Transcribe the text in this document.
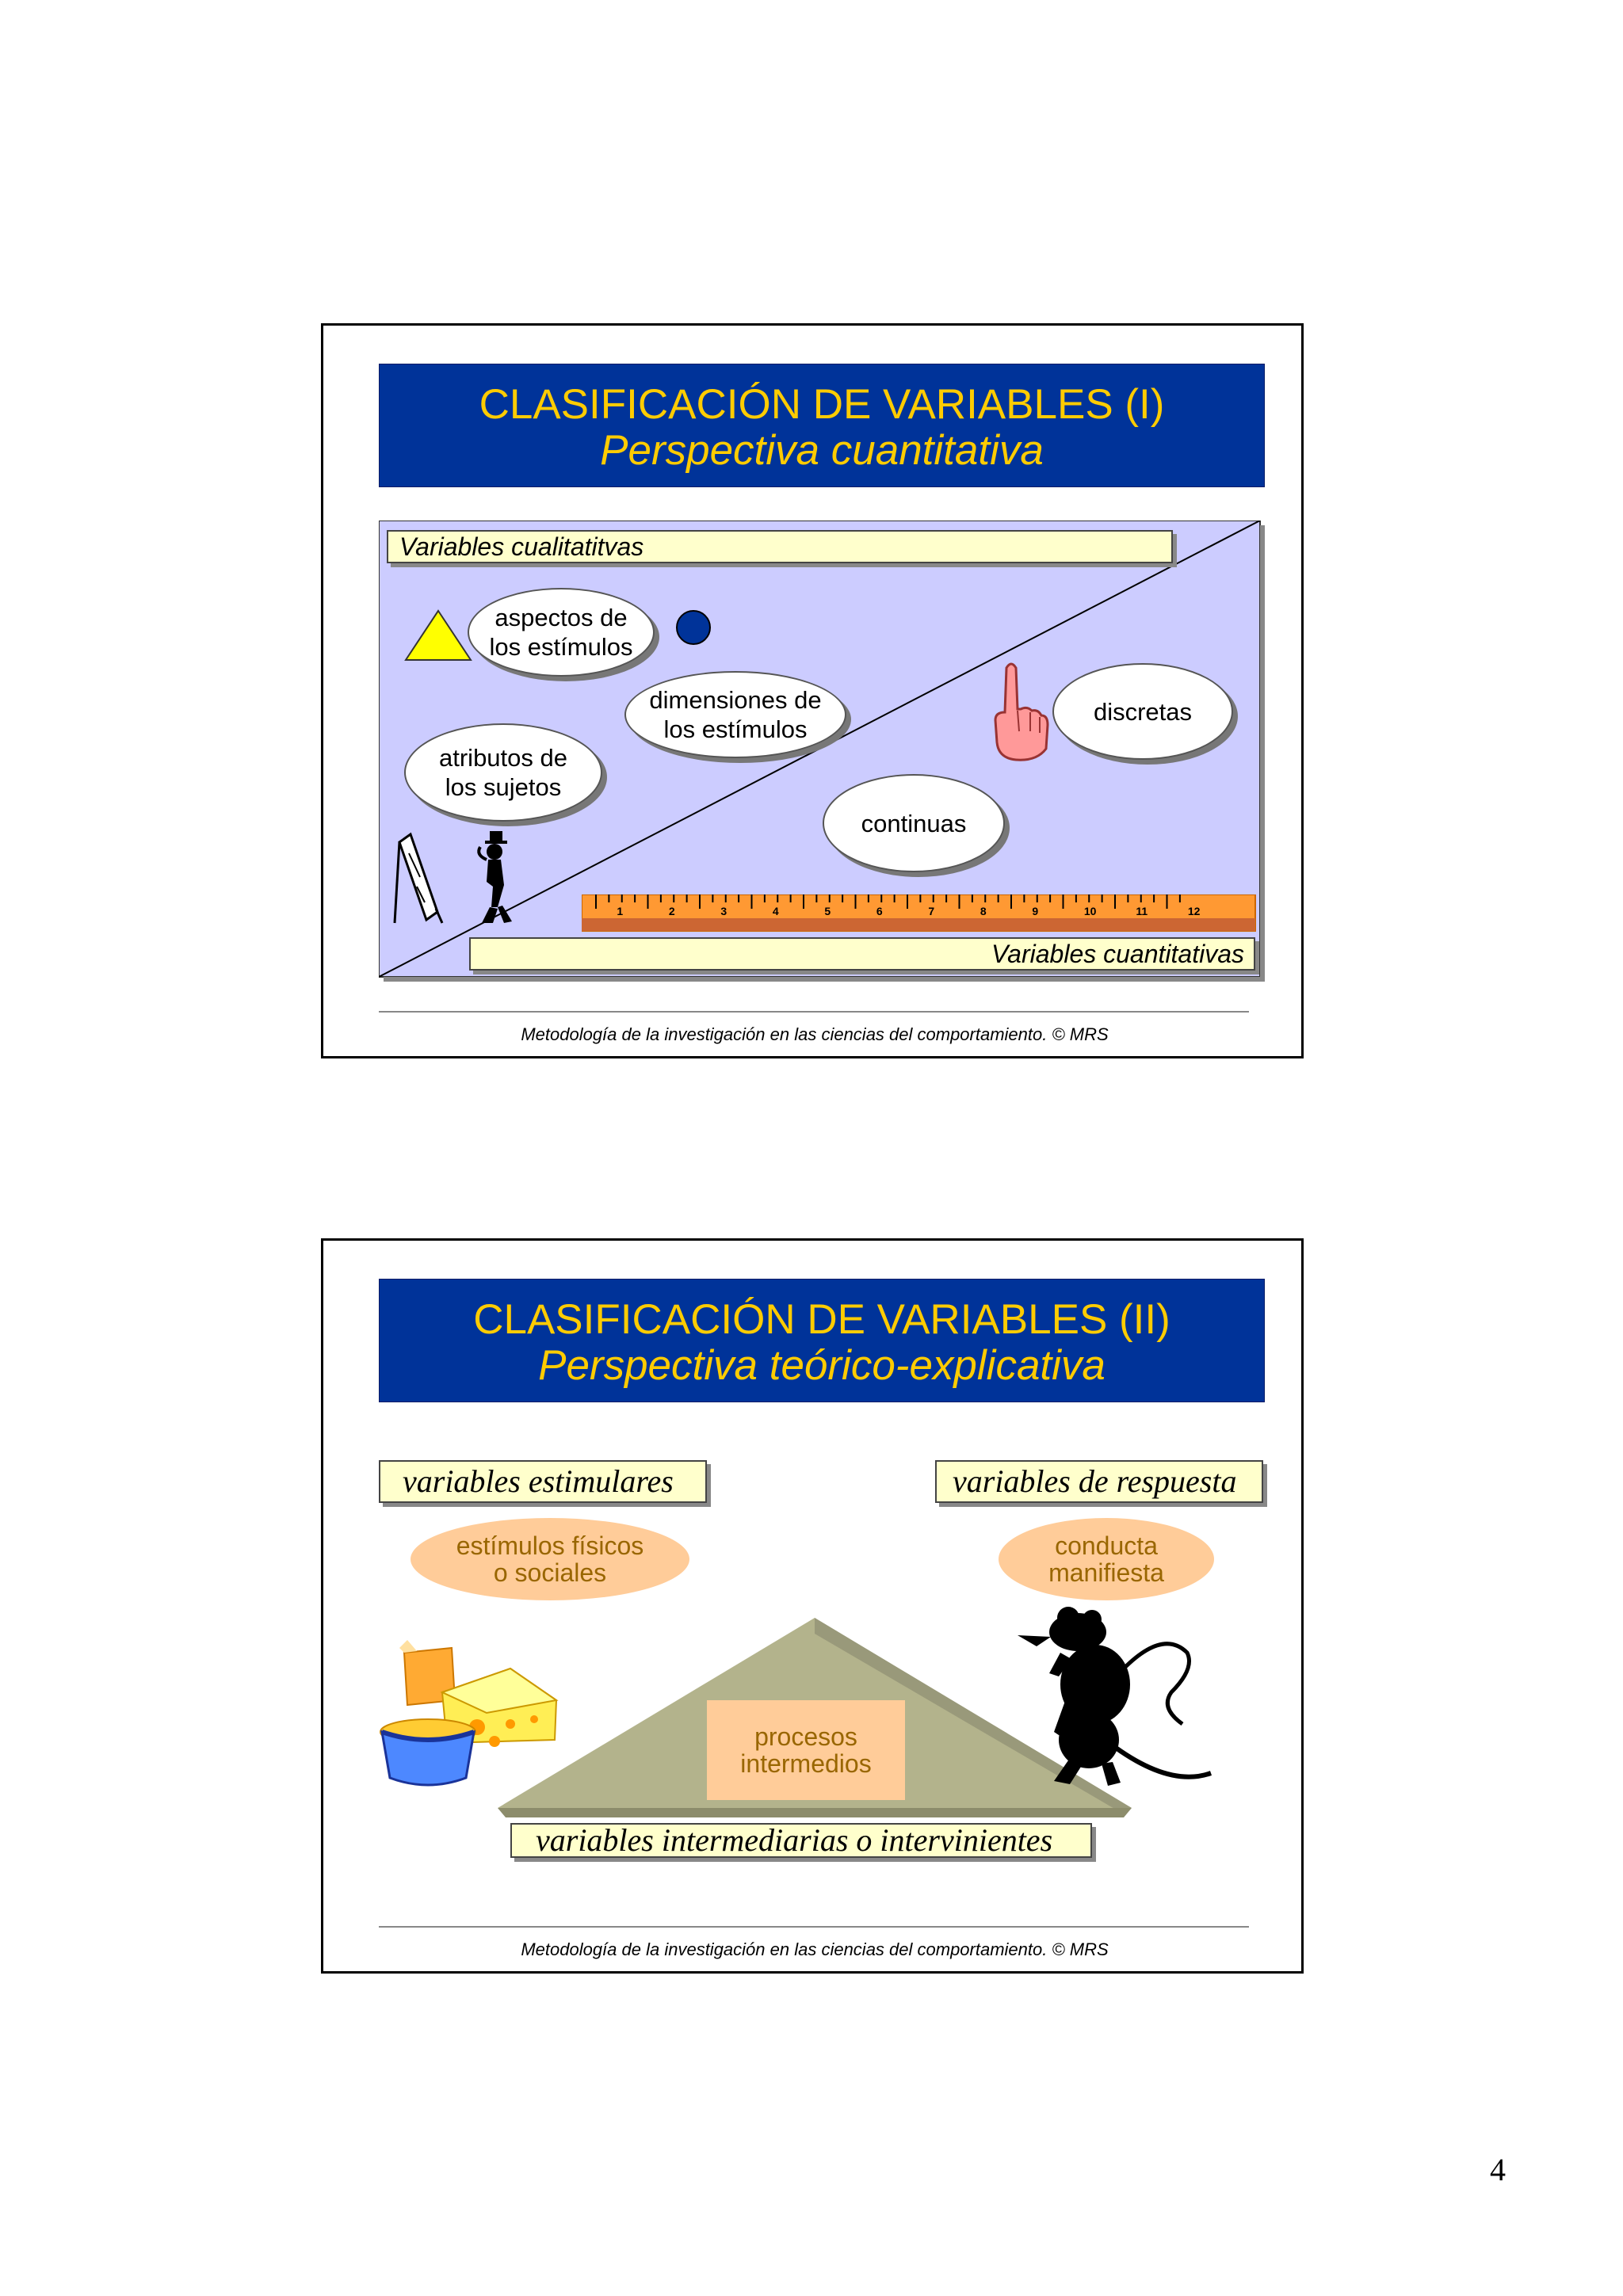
CLASIFICACIÓN DE VARIABLES (I)
Perspectiva cuantitativa
Variables cualitatitvas
aspectos de los estímulos
dimensiones de los estímulos
atributos de los sujetos
continuas
discretas
1	2	3	4	5	6	7	8	9	10	11	12
Variables cuantitativas
Metodología de la investigación en las ciencias del comportamiento. © MRS
CLASIFICACIÓN DE VARIABLES (II)
Perspectiva teórico-explicativa
variables estimulares	variables de respuesta
estímulos físicos o sociales
conducta manifiesta
procesos intermedios
variables intermediarias o intervinientes
Metodología de la investigación en las ciencias del comportamiento. © MRS
4
